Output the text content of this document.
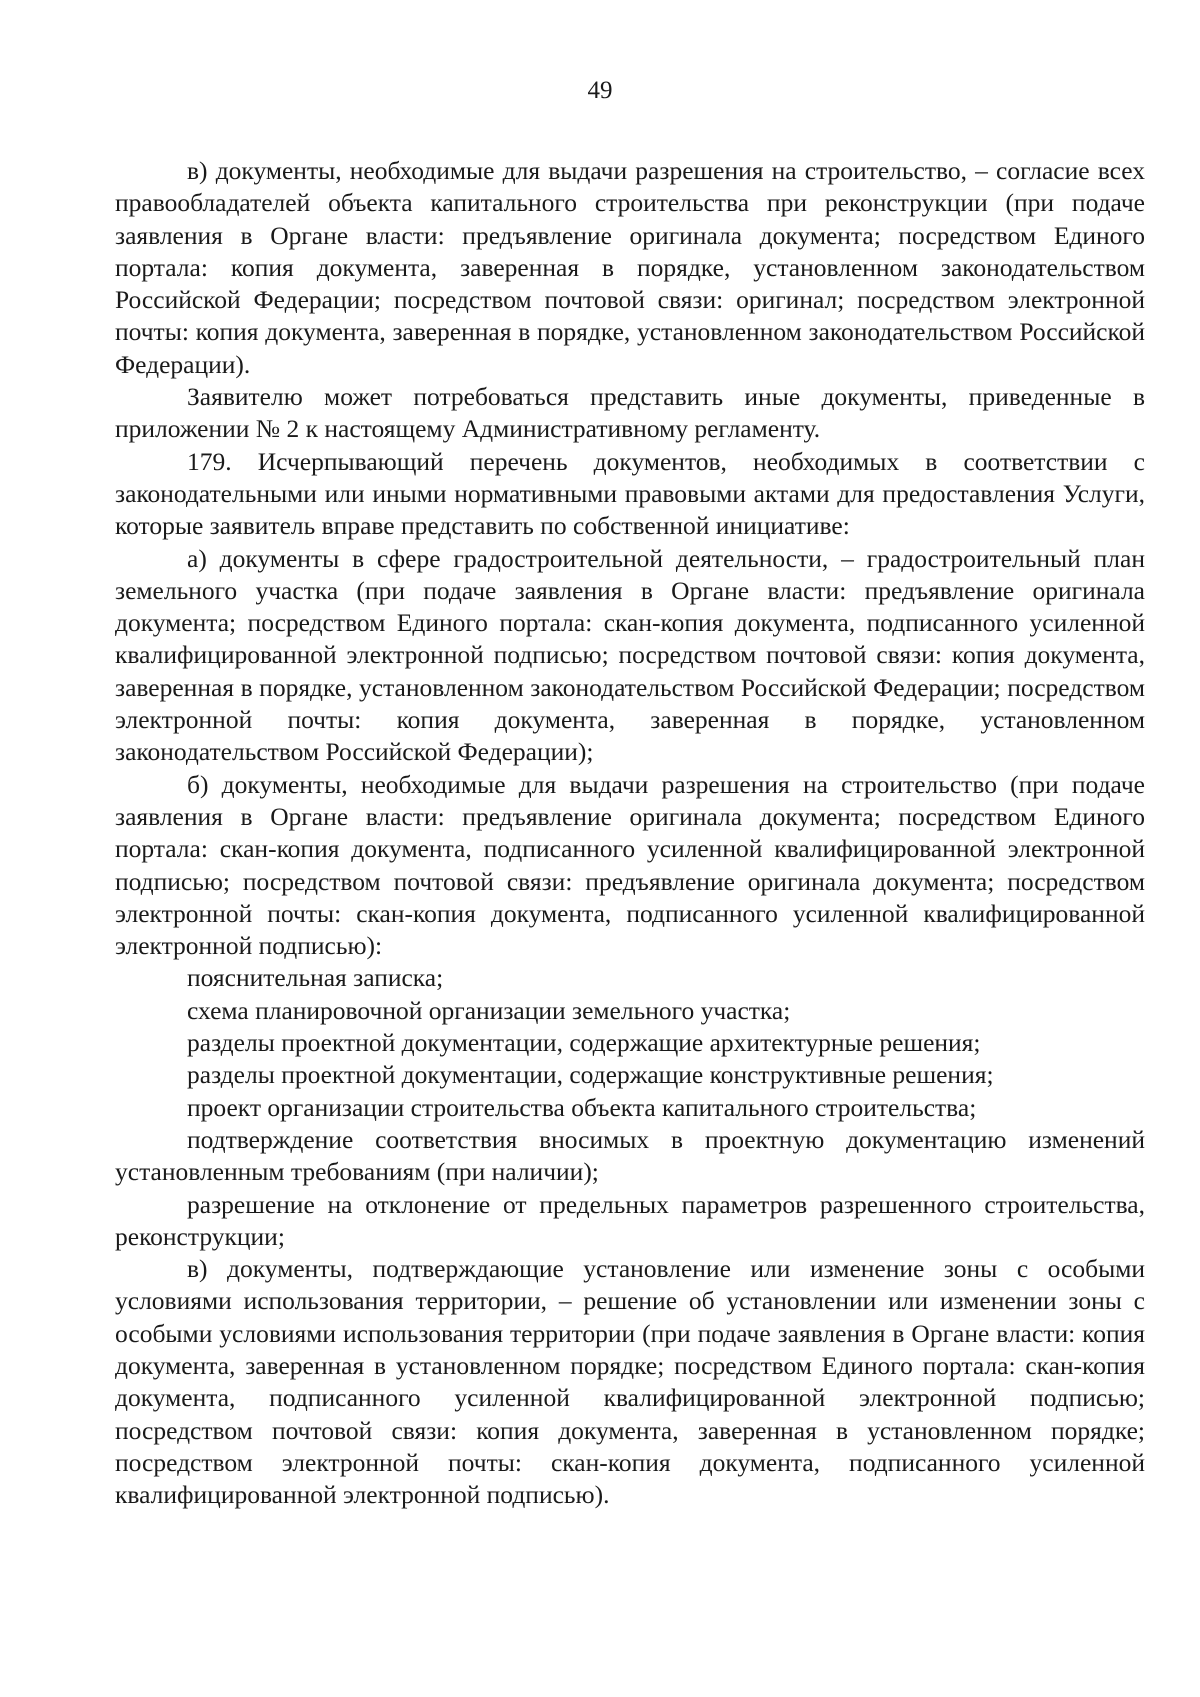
49

в) документы, необходимые для выдачи разрешения на строительство, – согласие всех правообладателей объекта капитального строительства при реконструкции (при подаче заявления в Органе власти: предъявление оригинала документа; посредством Единого портала: копия документа, заверенная в порядке, установленном законодательством Российской Федерации; посредством почтовой связи: оригинал; посредством электронной почты: копия документа, заверенная в порядке, установленном законодательством Российской Федерации).

Заявителю может потребоваться представить иные документы, приведенные в приложении № 2 к настоящему Административному регламенту.

179. Исчерпывающий перечень документов, необходимых в соответствии с законодательными или иными нормативными правовыми актами для предоставления Услуги, которые заявитель вправе представить по собственной инициативе:

а) документы в сфере градостроительной деятельности, – градостроительный план земельного участка (при подаче заявления в Органе власти: предъявление оригинала документа; посредством Единого портала: скан-копия документа, подписанного усиленной квалифицированной электронной подписью; посредством почтовой связи: копия документа, заверенная в порядке, установленном законодательством Российской Федерации; посредством электронной почты: копия документа, заверенная в порядке, установленном законодательством Российской Федерации);

б) документы, необходимые для выдачи разрешения на строительство (при подаче заявления в Органе власти: предъявление оригинала документа; посредством Единого портала: скан-копия документа, подписанного усиленной квалифицированной электронной подписью; посредством почтовой связи: предъявление оригинала документа; посредством электронной почты: скан-копия документа, подписанного усиленной квалифицированной электронной подписью):

пояснительная записка;

схема планировочной организации земельного участка;

разделы проектной документации, содержащие архитектурные решения;

разделы проектной документации, содержащие конструктивные решения;

проект организации строительства объекта капитального строительства;

подтверждение соответствия вносимых в проектную документацию изменений установленным требованиям (при наличии);

разрешение на отклонение от предельных параметров разрешенного строительства, реконструкции;

в) документы, подтверждающие установление или изменение зоны с особыми условиями использования территории, – решение об установлении или изменении зоны с особыми условиями использования территории (при подаче заявления в Органе власти: копия документа, заверенная в установленном порядке; посредством Единого портала: скан-копия документа, подписанного усиленной квалифицированной электронной подписью; посредством почтовой связи: копия документа, заверенная в установленном порядке; посредством электронной почты: скан-копия документа, подписанного усиленной квалифицированной электронной подписью).
